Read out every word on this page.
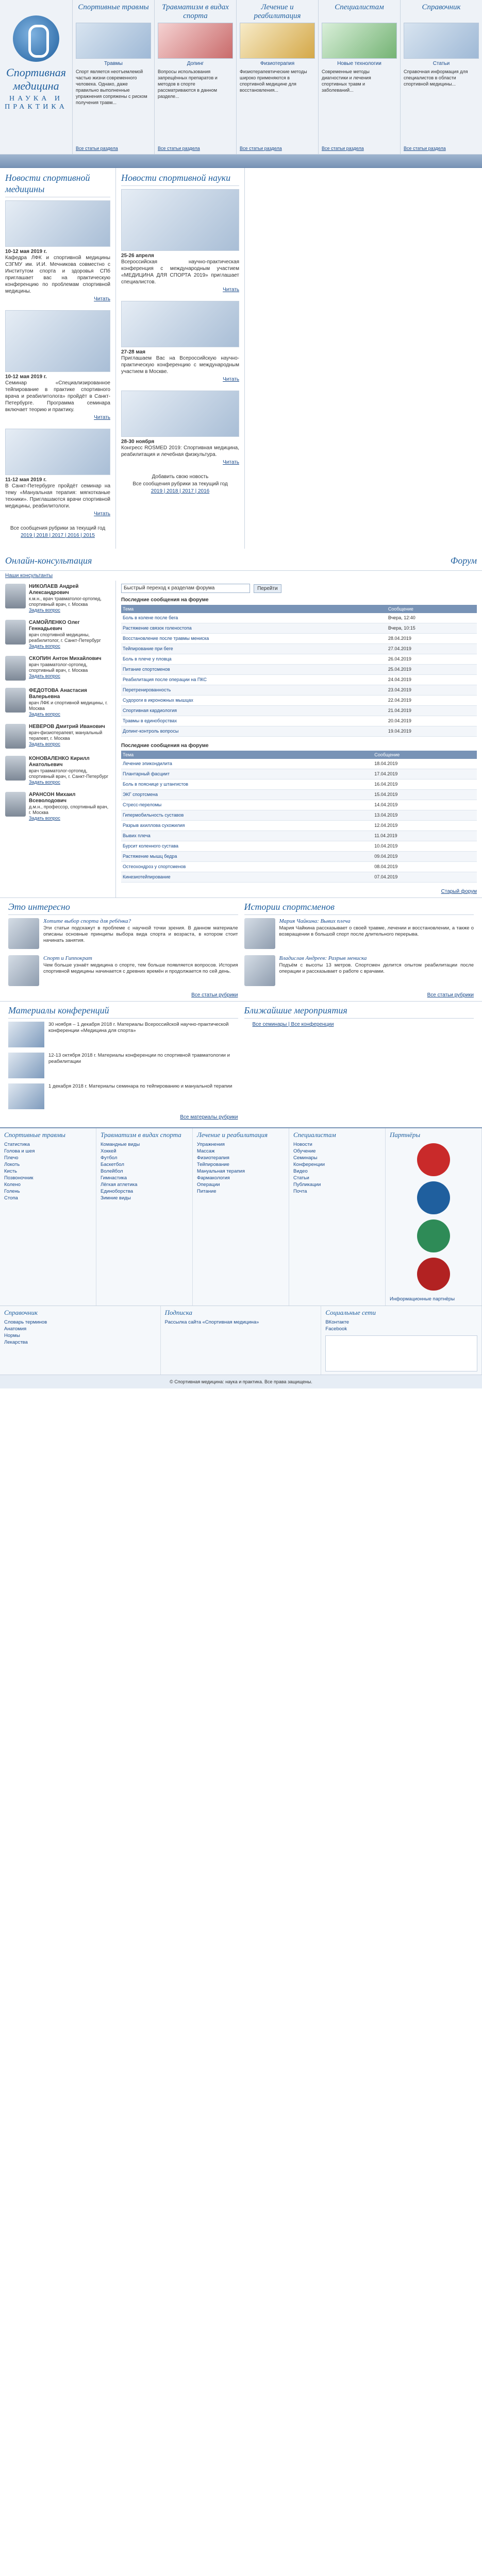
Спортивная медицина
НАУКА И ПРАКТИКА
Спортивные травмы
Травмы
Спорт является неотъемлемой частью жизни современного человека. Однако, даже правильно выполненные упражнения сопряжены с риском получения травм...
Все статьи раздела
Травматизм в видах спорта
Допинг
Вопросы использования запрещённых препаратов и методов в спорте рассматриваются в данном разделе...
Все статьи раздела
Лечение и реабилитация
Физиотерапия
Физиотерапевтические методы широко применяются в спортивной медицине для восстановления...
Все статьи раздела
Специалистам
Новые технологии
Современные методы диагностики и лечения спортивных травм и заболеваний...
Все статьи раздела
Справочник
Статьи
Справочная информация для специалистов в области спортивной медицины...
Все статьи раздела
Новости спортивной медицины
10-12 мая 2019 г.
Кафедра ЛФК и спортивной медицины СЗГМУ им. И.И. Мечникова совместно с Институтом спорта и здоровья СПб приглашает вас на практическую конференцию по проблемам спортивной медицины.
Читать
10-12 мая 2019 г.
Семинар «Специализированное тейпирование в практике спортивного врача и реабилитолога» пройдёт в Санкт-Петербурге. Программа семинара включает теорию и практику.
Читать
11-12 мая 2019 г.
В Санкт-Петербурге пройдёт семинар на тему «Мануальная терапия: мягкотканые техники». Приглашаются врачи спортивной медицины, реабилитологи.
Читать
Все сообщения рубрики за текущий год
2019 | 2018 | 2017 | 2016 | 2015
Новости спортивной науки
25-26 апреля
Всероссийская научно-практическая конференция с международным участием «МЕДИЦИНА ДЛЯ СПОРТА 2019» приглашает специалистов.
Читать
27-28 мая
Приглашаем Вас на Всероссийскую научно-практическую конференцию с международным участием в Москве.
Читать
28-30 ноября
Конгресс ROSMED 2019: Спортивная медицина, реабилитация и лечебная физкультура.
Читать
Добавить свою новость
Все сообщения рубрики за текущий год
2019 | 2018 | 2017 | 2016
Онлайн-консультация	Форум
Наши консультанты
НИКОЛАЕВ Андрей Александрович
к.м.н., врач травматолог-ортопед, спортивный врач, г. Москва
Задать вопрос
САМОЙЛЕНКО Олег Геннадьевич
врач спортивной медицины, реабилитолог, г. Санкт-Петербург
Задать вопрос
СКОПИН Антон Михайлович
врач травматолог-ортопед, спортивный врач, г. Москва
Задать вопрос
ФЕДОТОВА Анастасия Валерьевна
врач ЛФК и спортивной медицины, г. Москва
Задать вопрос
НЕВЕРОВ Дмитрий Иванович
врач-физиотерапевт, мануальный терапевт, г. Москва
Задать вопрос
КОНОВАЛЕНКО Кирилл Анатольевич
врач травматолог-ортопед, спортивный врач, г. Санкт-Петербург
Задать вопрос
АРАНСОН Михаил Всеволодович
д.м.н., профессор, спортивный врач, г. Москва
Задать вопрос
Быстрый переход к разделам форума	Перейти
Последние сообщения на форуме
Тема	Сообщение
Боль в колене после бега	Вчера, 12:40
Растяжение связок голеностопа	Вчера, 10:15
Восстановление после травмы мениска	28.04.2019
Тейпирование при беге	27.04.2019
Боль в плече у пловца	26.04.2019
Питание спортсменов	25.04.2019
Реабилитация после операции на ПКС	24.04.2019
Перетренированность	23.04.2019
Судороги в икроножных мышцах	22.04.2019
Спортивная кардиология	21.04.2019
Травмы в единоборствах	20.04.2019
Допинг-контроль вопросы	19.04.2019
Последние сообщения на форуме
Тема	Сообщение
Лечение эпикондилита	18.04.2019
Плантарный фасциит	17.04.2019
Боль в пояснице у штангистов	16.04.2019
ЭКГ спортсмена	15.04.2019
Стресс-переломы	14.04.2019
Гипермобильность суставов	13.04.2019
Разрыв ахиллова сухожилия	12.04.2019
Вывих плеча	11.04.2019
Бурсит коленного сустава	10.04.2019
Растяжение мышц бедра	09.04.2019
Остеохондроз у спортсменов	08.04.2019
Кинезиотейпирование	07.04.2019
Старый форум
Это интересно
Хотите выбор спорта для ребёнка?
Эти статьи подскажут в проблеме с научной точки зрения. В данном материале описаны основные принципы выбора вида спорта и возраста, в котором стоит начинать занятия.
Спорт и Гиппократ
Чем больше узнаёт медицина о спорте, тем больше появляется вопросов. История спортивной медицины начинается с древних времён и продолжается по сей день.
Все статьи рубрики
Истории спортсменов
Мария Чайкина: Вывих плеча
Мария Чайкина рассказывает о своей травме, лечении и восстановлении, а также о возвращении в большой спорт после длительного перерыва.
Владислав Андреев: Разрыв мениска
Подъём с высоты 13 метров. Спортсмен делится опытом реабилитации после операции и рассказывает о работе с врачами.
Все статьи рубрики
Материалы конференций
30 ноября – 1 декабря 2018 г. Материалы Всероссийской научно-практической конференции «Медицина для спорта»
12-13 октября 2018 г. Материалы конференции по спортивной травматологии и реабилитации
1 декабря 2018 г. Материалы семинара по тейпированию и мануальной терапии
Все материалы рубрики
Ближайшие мероприятия
Все семинары | Все конференции
Спортивные травмы
Статистика
Голова и шея
Плечо
Локоть
Кисть
Позвоночник
Колено
Голень
Стопа
Травматизм в видах спорта
Командные виды
Хоккей
Футбол
Баскетбол
Волейбол
Гимнастика
Лёгкая атлетика
Единоборства
Зимние виды
Лечение и реабилитация
Упражнения
Массаж
Физиотерапия
Тейпирование
Мануальная терапия
Фармакология
Операции
Питание
Специалистам
Новости
Обучение
Семинары
Конференции
Видео
Статьи
Публикации
Почта
Партнёры
Информационные партнёры
Справочник
Словарь терминов
Анатомия
Нормы
Лекарства
Подписка
Рассылка сайта «Спортивная медицина»
Социальные сети
ВКонтакте
Facebook
© Спортивная медицина: наука и практика. Все права защищены.
